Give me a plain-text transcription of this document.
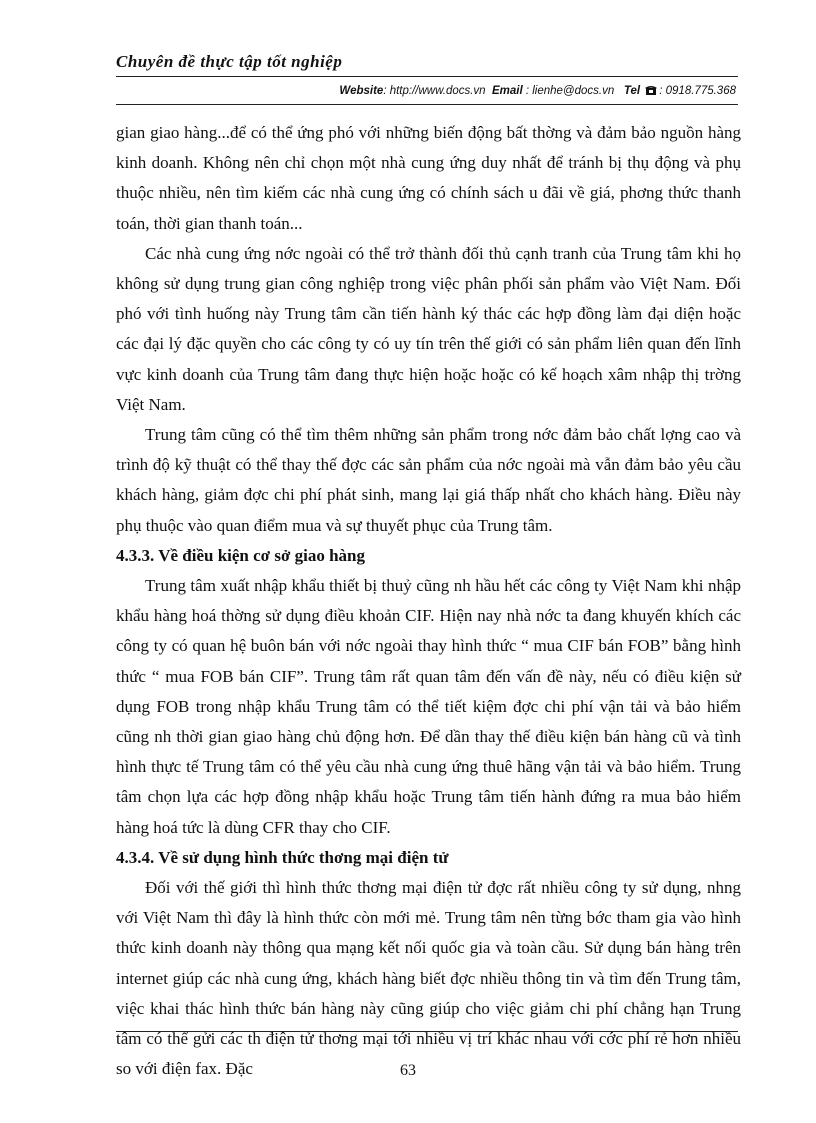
Chuyên đề thực tập tốt nghiệp
Website: http://www.docs.vn Email : lienhe@docs.vn Tel : 0918.775.368

gian giao hàng...để có thể ứng phó với những biến động bất thờng và đảm bảo nguồn hàng kinh doanh. Không nên chỉ chọn một nhà cung ứng duy nhất để tránh bị thụ động và phụ thuộc nhiều, nên tìm kiếm các nhà cung ứng có chính sách u đãi về giá, phơng thức thanh toán, thời gian thanh toán...

Các nhà cung ứng nớc ngoài có thể trở thành đối thủ cạnh tranh của Trung tâm khi họ không sử dụng trung gian công nghiệp trong việc phân phối sản phẩm vào Việt Nam. Đối phó với tình huống này Trung tâm cần tiến hành ký thác các hợp đồng làm đại diện hoặc các đại lý đặc quyền cho các công ty có uy tín trên thế giới có sản phẩm liên quan đến lĩnh vực kinh doanh của Trung tâm đang thực hiện hoặc hoặc có kế hoạch xâm nhập thị trờng Việt Nam.

Trung tâm cũng có thể tìm thêm những sản phẩm trong nớc đảm bảo chất lợng cao và trình độ kỹ thuật có thể thay thế đợc các sản phẩm của nớc ngoài mà vẫn đảm bảo yêu cầu khách hàng, giảm đợc chi phí phát sinh, mang lại giá thấp nhất cho khách hàng. Điều này phụ thuộc vào quan điểm mua và sự thuyết phục của Trung tâm.

4.3.3. Về điều kiện cơ sở giao hàng

Trung tâm xuất nhập khẩu thiết bị thuỷ cũng nh hầu hết các công ty Việt Nam khi nhập khẩu hàng hoá thờng sử dụng điều khoản CIF. Hiện nay nhà nớc ta đang khuyến khích các công ty có quan hệ buôn bán với nớc ngoài thay hình thức “ mua CIF bán FOB” bằng hình thức “ mua FOB bán CIF”. Trung tâm rất quan tâm đến vấn đề này, nếu có điều kiện sử dụng FOB trong nhập khẩu Trung tâm có thể tiết kiệm đợc chi phí vận tải và bảo hiểm cũng nh thời gian giao hàng chủ động hơn. Để dần thay thế điều kiện bán hàng cũ và tình hình thực tế Trung tâm có thể yêu cầu nhà cung ứng thuê hãng vận tải và bảo hiểm. Trung tâm chọn lựa các hợp đồng nhập khẩu hoặc Trung tâm tiến hành đứng ra mua bảo hiểm hàng hoá tức là dùng CFR thay cho CIF.

4.3.4. Về sử dụng hình thức thơng mại điện tử

Đối với thế giới thì hình thức thơng mại điện tử đợc rất nhiều công ty sử dụng, nhng với Việt Nam thì đây là hình thức còn mới mẻ. Trung tâm nên từng bớc tham gia vào hình thức kinh doanh này thông qua mạng kết nối quốc gia và toàn cầu. Sử dụng bán hàng trên internet giúp các nhà cung ứng, khách hàng biết đợc nhiều thông tin và tìm đến Trung tâm, việc khai thác hình thức bán hàng này cũng giúp cho việc giảm chi phí chẳng hạn Trung tâm có thể gửi các th điện tử thơng mại tới nhiều vị trí khác nhau với cớc phí rẻ hơn nhiều so với điện fax. Đặc	63
